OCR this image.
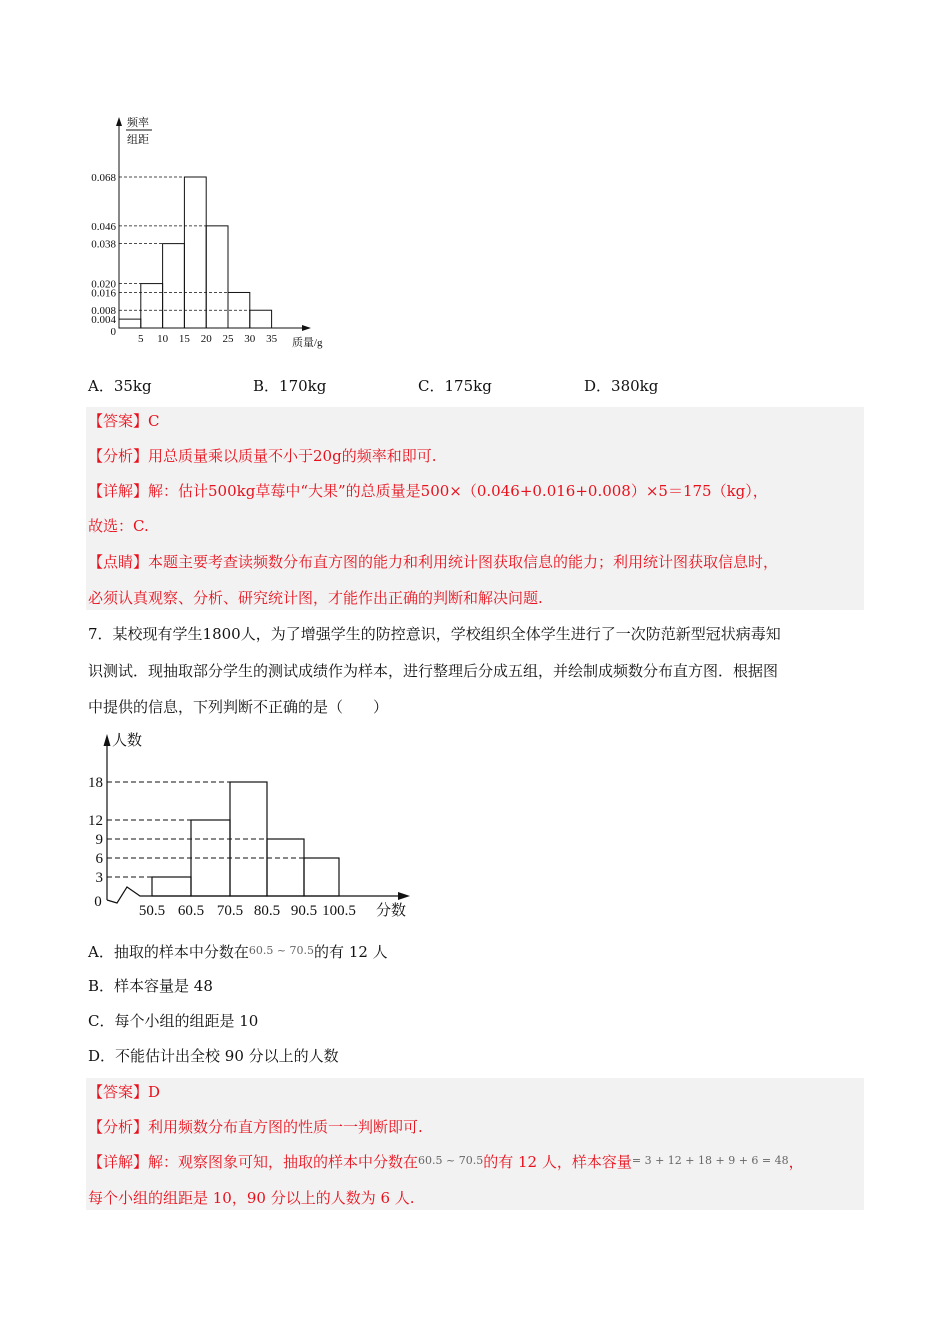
频率
组距
0.068
0.046
0.038
0.020
0.016
0.008
0.004
0
5 10 15 20 25 30 35 质量/g
A．35kg	B．170kg	C．175kg	D．380kg
【答案】C
【分析】用总质量乘以质量不小于20g的频率和即可.
【详解】解：估计500kg草莓中“大果”的总质量是500×（0.046+0.016+0.008）×5＝175（kg），
故选：C.
【点睛】本题主要考查读频数分布直方图的能力和利用统计图获取信息的能力；利用统计图获取信息时，
必须认真观察、分析、研究统计图，才能作出正确的判断和解决问题.
7．某校现有学生1800人，为了增强学生的防控意识，学校组织全体学生进行了一次防范新型冠状病毒知
识测试．现抽取部分学生的测试成绩作为样本，进行整理后分成五组，并绘制成频数分布直方图．根据图
中提供的信息，下列判断不正确的是（　　）
人数
18
12
9
6
3
0
50.5 60.5 70.5 80.5 90.5 100.5 分数
A．抽取的样本中分数在$^{60.5 \sim 70.5}$的有 12 人
B．样本容量是 48
C．每个小组的组距是 10
D．不能估计出全校 90 分以上的人数
【答案】D
【分析】利用频数分布直方图的性质一一判断即可.
【详解】解：观察图象可知，抽取的样本中分数在$^{60.5 \sim 70.5}$的有 12 人，样本容量$^{= 3 + 12 + 18 + 9 + 6 = 48}$，
每个小组的组距是 10，90 分以上的人数为 6 人.
